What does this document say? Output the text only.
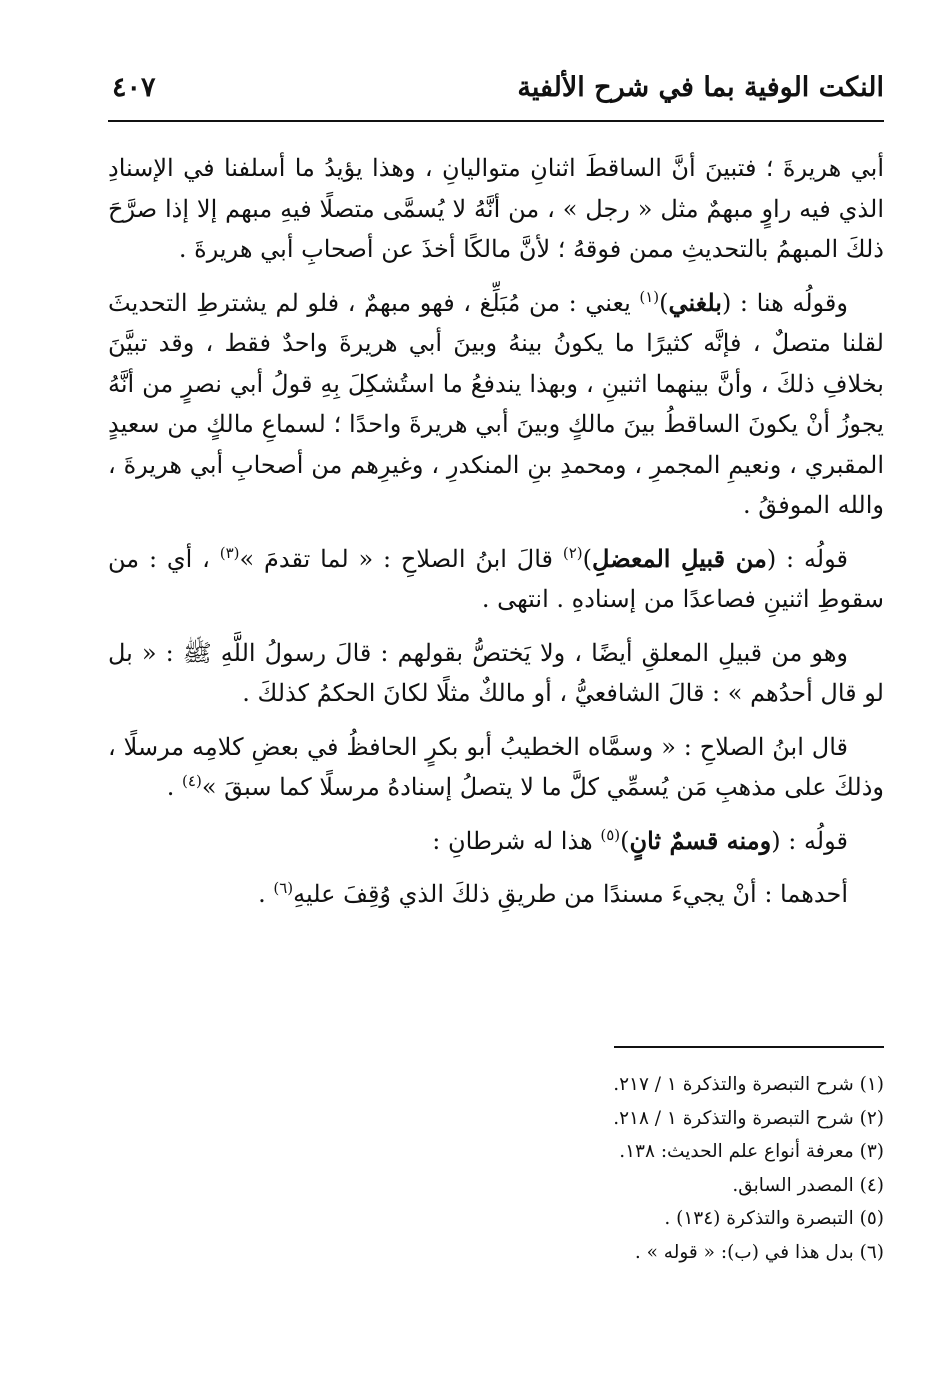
النكت الوفية بما في شرح الألفية
٤٠٧

أبي هريرةَ ؛ فتبينَ أنَّ الساقطَ اثنانِ متواليانِ ، وهذا يؤيدُ ما أسلفنا في الإسنادِ الذي فيه راوٍ مبهمٌ مثل « رجل » ، من أنَّهُ لا يُسمَّى متصلًا فيهِ مبهم إلا إذا صرَّحَ ذلكَ المبهمُ بالتحديثِ ممن فوقهُ ؛ لأنَّ مالكًا أخذَ عن أصحابِ أبي هريرةَ .

وقولُه هنا : (بلغني)$^{(١)}$ يعني : من مُبَلِّغ ، فهو مبهمٌ ، فلو لم يشترطِ التحديثَ لقلنا متصلٌ ، فإنَّه كثيرًا ما يكونُ بينهُ وبينَ أبي هريرةَ واحدٌ فقط ، وقد تبيَّنَ بخلافِ ذلكَ ، وأنَّ بينهما اثنينِ ، وبهذا يندفعُ ما استُشكِلَ بِهِ قولُ أبي نصرٍ من أنَّهُ يجوزُ أنْ يكونَ الساقطُ بينَ مالكٍ وبينَ أبي هريرةَ واحدًا ؛ لسماعِ مالكٍ من سعيدٍ المقبري ، ونعيمِ المجمرِ ، ومحمدِ بنِ المنكدرِ ، وغيرِهم من أصحابِ أبي هريرةَ ، والله الموفقُ .

قولُه : (من قبيلِ المعضلِ)$^{(٢)}$ قالَ ابنُ الصلاحِ : « لما تقدمَ »$^{(٣)}$ ، أي : من سقوطِ اثنينِ فصاعدًا من إسنادهِ . انتهى .

وهو من قبيلِ المعلقِ أيضًا ، ولا يَختصُّ بقولهم : قالَ رسولُ اللَّهِ ﷺ : « بل لو قال أحدُهم » : قالَ الشافعيُّ ، أو مالكٌ مثلًا لكانَ الحكمُ كذلكَ .

قال ابنُ الصلاحِ : « وسمَّاه الخطيبُ أبو بكرٍ الحافظُ في بعضِ كلامِه مرسلًا ، وذلكَ على مذهبِ مَن يُسمِّي كلَّ ما لا يتصلُ إسنادهُ مرسلًا كما سبقَ »$^{(٤)}$ .

قولُه : (ومنه قسمٌ ثانٍ)$^{(٥)}$ هذا له شرطانِ :

أحدهما : أنْ يجيءَ مسندًا من طريقِ ذلكَ الذي وُقِفَ عليهِ$^{(٦)}$ .

(١) شرح التبصرة والتذكرة ١ / ٢١٧.
(٢) شرح التبصرة والتذكرة ١ / ٢١٨.
(٣) معرفة أنواع علم الحديث: ١٣٨.
(٤) المصدر السابق.
(٥) التبصرة والتذكرة (١٣٤) .
(٦) بدل هذا في (ب): « قوله » .
